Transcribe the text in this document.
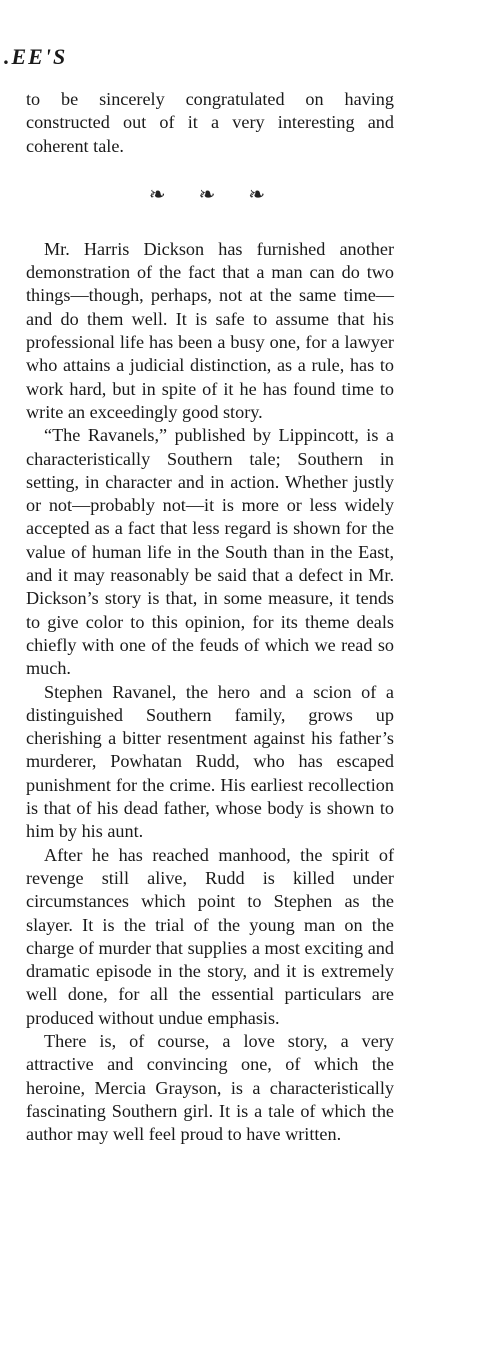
.EE'S

to be sincerely congratulated on having constructed out of it a very interesting and coherent tale.

❧ ❧ ❧

Mr. Harris Dickson has furnished another demonstration of the fact that a man can do two things—though, perhaps, not at the same time—and do them well. It is safe to assume that his professional life has been a busy one, for a lawyer who attains a judicial distinction, as a rule, has to work hard, but in spite of it he has found time to write an exceedingly good story.

“The Ravanels,” published by Lippincott, is a characteristically Southern tale; Southern in setting, in character and in action. Whether justly or not—probably not—it is more or less widely accepted as a fact that less regard is shown for the value of human life in the South than in the East, and it may reasonably be said that a defect in Mr. Dickson’s story is that, in some measure, it tends to give color to this opinion, for its theme deals chiefly with one of the feuds of which we read so much.

Stephen Ravanel, the hero and a scion of a distinguished Southern family, grows up cherishing a bitter resentment against his father’s murderer, Powhatan Rudd, who has escaped punishment for the crime. His earliest recollection is that of his dead father, whose body is shown to him by his aunt.

After he has reached manhood, the spirit of revenge still alive, Rudd is killed under circumstances which point to Stephen as the slayer. It is the trial of the young man on the charge of murder that supplies a most exciting and dramatic episode in the story, and it is extremely well done, for all the essential particulars are produced without undue emphasis.

There is, of course, a love story, a very attractive and convincing one, of which the heroine, Mercia Grayson, is a characteristically fascinating Southern girl. It is a tale of which the author may well feel proud to have written.
